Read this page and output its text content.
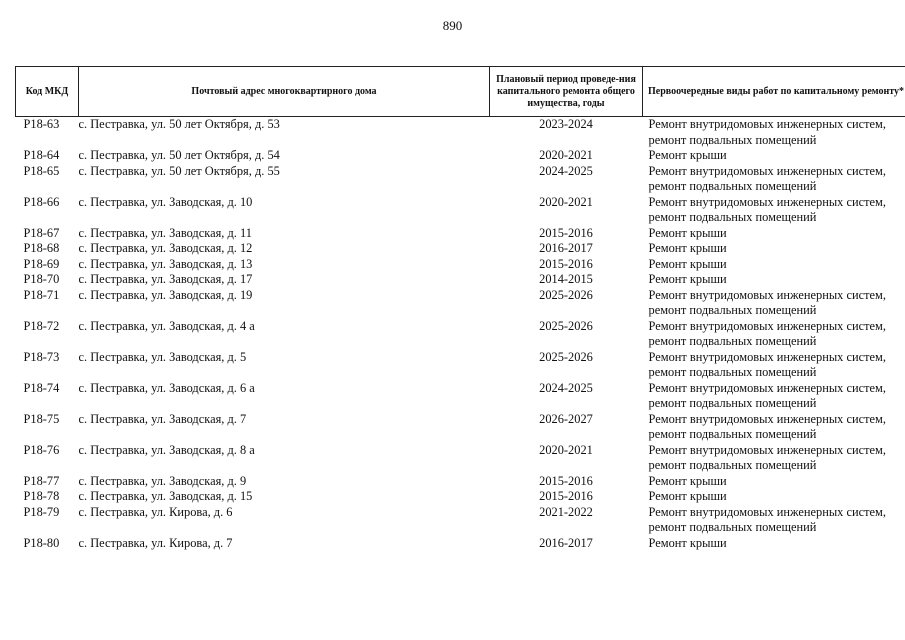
890
Код МКД	Почтовый адрес многоквартирного дома	Плановый период проведе-ния капитального ремонта общего имущества, годы	Первоочередные виды работ по капитальному ремонту*
Р18-63	с. Пестравка, ул. 50 лет Октября, д. 53	2023-2024	Ремонт внутридомовых инженерных систем,
ремонт подвальных помещений

Р18-64	с. Пестравка, ул. 50 лет Октября, д. 54	2020-2021	Ремонт крыши

Р18-65	с. Пестравка, ул. 50 лет Октября, д. 55	2024-2025	Ремонт внутридомовых инженерных систем,
ремонт подвальных помещений

Р18-66	с. Пестравка, ул. Заводская, д. 10	2020-2021	Ремонт внутридомовых инженерных систем,
ремонт подвальных помещений

Р18-67	с. Пестравка, ул. Заводская, д. 11	2015-2016	Ремонт крыши

Р18-68	с. Пестравка, ул. Заводская, д. 12	2016-2017	Ремонт крыши

Р18-69	с. Пестравка, ул. Заводская, д. 13	2015-2016	Ремонт крыши

Р18-70	с. Пестравка, ул. Заводская, д. 17	2014-2015	Ремонт крыши

Р18-71	с. Пестравка, ул. Заводская, д. 19	2025-2026	Ремонт внутридомовых инженерных систем,
ремонт подвальных помещений

Р18-72	с. Пестравка, ул. Заводская, д. 4 а	2025-2026	Ремонт внутридомовых инженерных систем,
ремонт подвальных помещений

Р18-73	с. Пестравка, ул. Заводская, д. 5	2025-2026	Ремонт внутридомовых инженерных систем,
ремонт подвальных помещений

Р18-74	с. Пестравка, ул. Заводская, д. 6 а	2024-2025	Ремонт внутридомовых инженерных систем,
ремонт подвальных помещений

Р18-75	с. Пестравка, ул. Заводская, д. 7	2026-2027	Ремонт внутридомовых инженерных систем,
ремонт подвальных помещений

Р18-76	с. Пестравка, ул. Заводская, д. 8 а	2020-2021	Ремонт внутридомовых инженерных систем,
ремонт подвальных помещений

Р18-77	с. Пестравка, ул. Заводская, д. 9	2015-2016	Ремонт крыши

Р18-78	с. Пестравка, ул. Заводская, д. 15	2015-2016	Ремонт крыши

Р18-79	с. Пестравка, ул. Кирова, д. 6	2021-2022	Ремонт внутридомовых инженерных систем,
ремонт подвальных помещений

Р18-80	с. Пестравка, ул. Кирова, д. 7	2016-2017	Ремонт крыши
